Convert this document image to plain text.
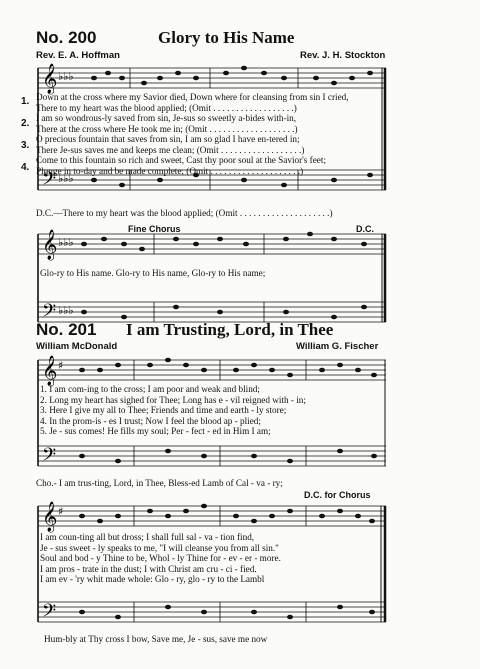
No. 200	Glory to His Name
Rev. E. A. Hoffman	Rev. J. H. Stockton
𝄞
𝄢
♭♭♭
♭♭♭
1.
2.
3.
4.
Down at the cross where my Savior died, Down where for cleansing from sin I cried,
There to my heart was the blood applied; (Omit . . . . . . . . . . . . . . . . . .)
I am so wondrous-ly saved from sin, Je-sus so sweetly a-bides with-in,
There at the cross where He took me in; (Omit . . . . . . . . . . . . . . . . . . .)
O precious fountain that saves from sin, I am so glad I have en-tered in;
There Je-sus saves me and keeps me clean; (Omit . . . . . . . . . . . . . . . . . .)
Come to this fountain so rich and sweet, Cast thy poor soul at the Savior's feet;
Plunge in to-day and be made complete; (Omit . . . . . . . . . . . . . . . . . . . .)
D.C.—There to my heart was the blood applied; (Omit . . . . . . . . . . . . . . . . . . . .)
𝄞
𝄢
♭♭♭
♭♭♭
Fine Chorus	D.C.
Glo-ry to His name. Glo-ry to His name, Glo-ry to His name;
No. 201 I am Trusting, Lord, in Thee
William McDonald	William G. Fischer
𝄞
𝄢
♯
1. I am com-ing to the cross; I am poor and weak and blind;
2. Long my heart has sighed for Thee; Long has e - vil reigned with - in;
3. Here I give my all to Thee; Friends and time and earth - ly store;
4. In the prom-is - es I trust; Now I feel the blood ap - plied;
5. Je - sus comes! He fills my soul; Per - fect - ed in Him I am;
Cho.- I am trus-ting, Lord, in Thee, Bless-ed Lamb of Cal - va - ry;
D.C. for Chorus
𝄞
𝄢
♯
I am coun-ting all but dross; I shall full sal - va - tion find,
Je - sus sweet - ly speaks to me, "I will cleanse you from all sin."
Soul and bod - y Thine to be, Whol - ly Thine for - ev - er - more.
I am pros - trate in the dust; I with Christ am cru - ci - fied.
I am ev - 'ry whit made whole: Glo - ry, glo - ry to the Lambl
Hum-bly at Thy cross I bow, Save me, Je - sus, save me now
